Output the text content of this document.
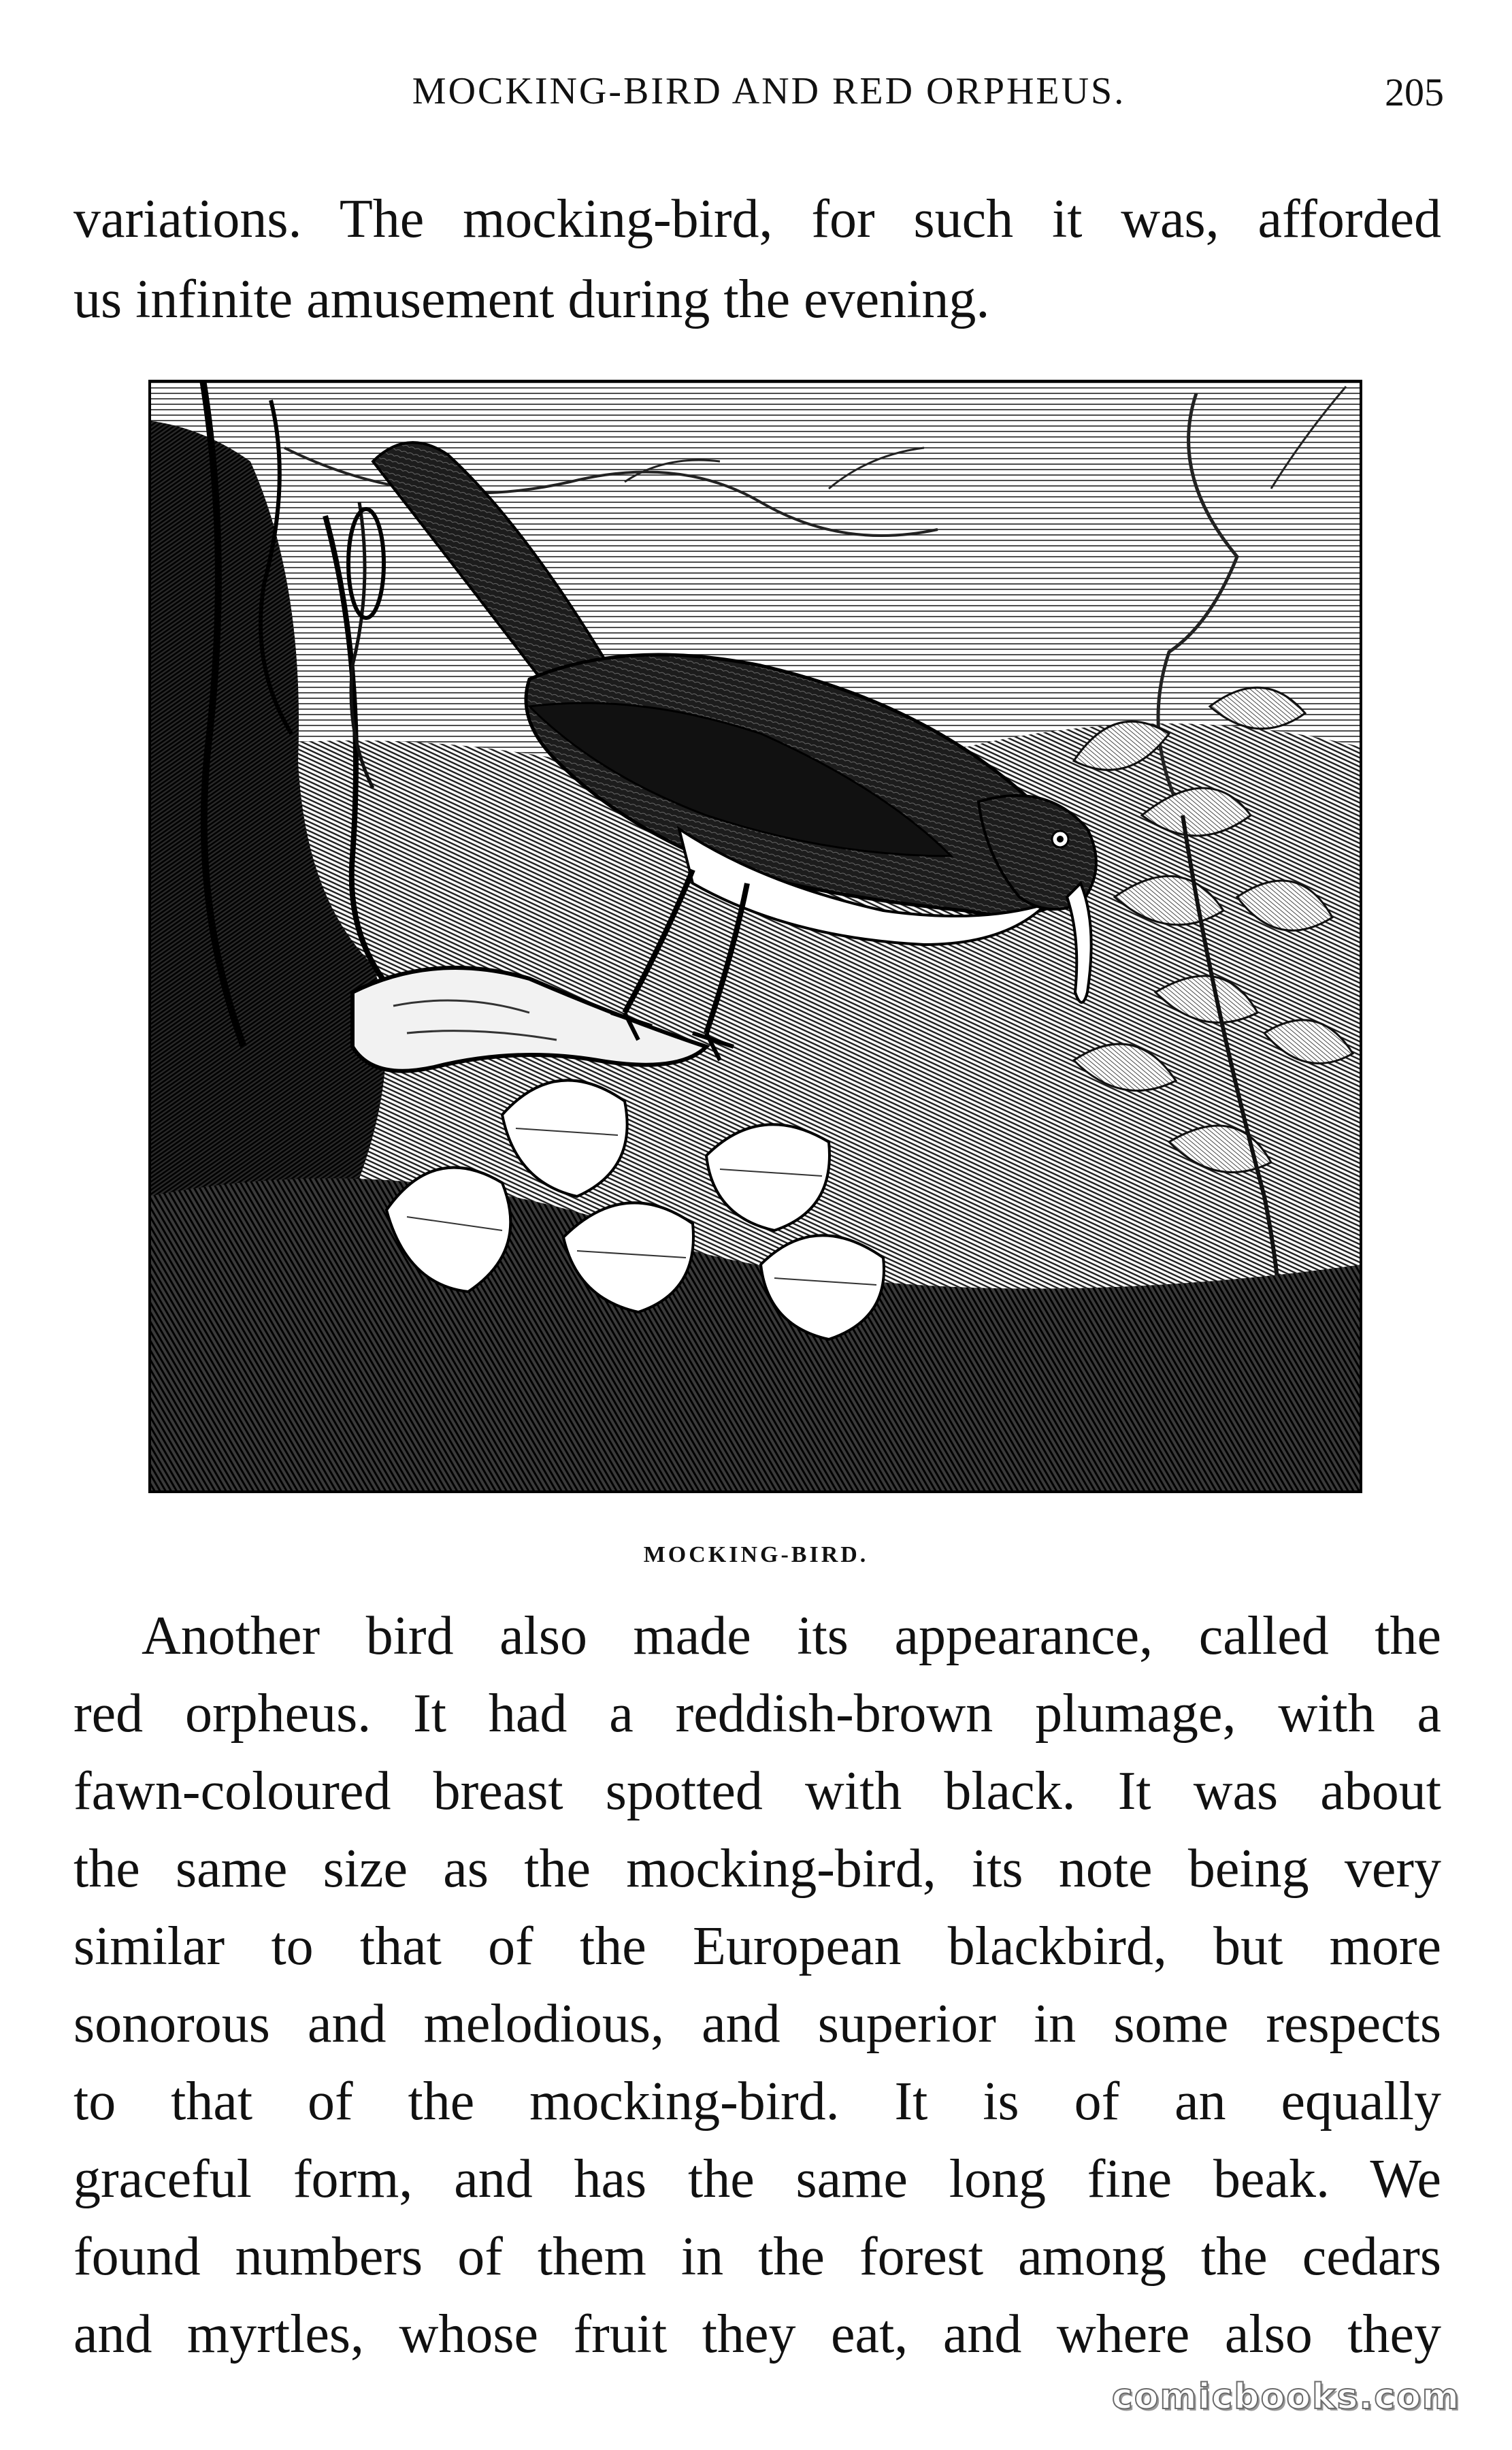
MOCKING-BIRD AND RED ORPHEUS.	205
variations. The mocking-bird, for such it was, afforded
us infinite amusement during the evening.
MOCKING-BIRD.
Another bird also made its appearance, called the
red orpheus. It had a reddish-brown plumage, with a
fawn-coloured breast spotted with black. It was about
the same size as the mocking-bird, its note being very
similar to that of the European blackbird, but more
sonorous and melodious, and superior in some respects
to that of the mocking-bird. It is of an equally
graceful form, and has the same long fine beak. We
found numbers of them in the forest among the cedars
and myrtles, whose fruit they eat, and where also they
comicbooks.com
